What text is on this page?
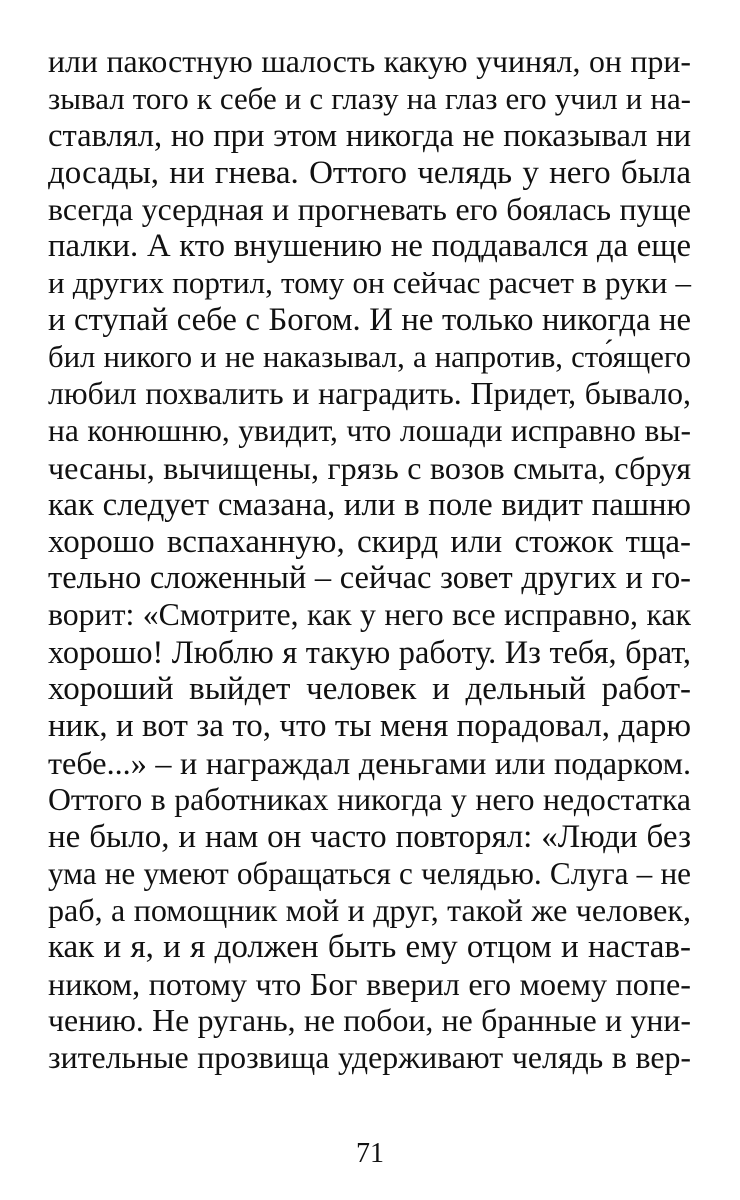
или пакостную шалость какую учинял, он при-
зывал того к себе и с глазу на глаз его учил и на-
ставлял, но при этом никогда не показывал ни
досады, ни гнева. Оттого челядь у него была
всегда усердная и прогневать его боялась пуще
палки. А кто внушению не поддавался да еще
и других портил, тому он сейчас расчет в руки –
и ступай себе с Богом. И не только никогда не
бил никого и не наказывал, а напротив, сто́ящего
любил похвалить и наградить. Придет, бывало,
на конюшню, увидит, что лошади исправно вы-
чесаны, вычищены, грязь с возов смыта, сбруя
как следует смазана, или в поле видит пашню
хорошо вспаханную, скирд или стожок тща-
тельно сложенный – сейчас зовет других и го-
ворит: «Смотрите, как у него все исправно, как
хорошо! Люблю я такую работу. Из тебя, брат,
хороший выйдет человек и дельный работ-
ник, и вот за то, что ты меня порадовал, дарю
тебе...» – и награждал деньгами или подарком.
Оттого в работниках никогда у него недостатка
не было, и нам он часто повторял: «Люди без
ума не умеют обращаться с челядью. Слуга – не
раб, а помощник мой и друг, такой же человек,
как и я, и я должен быть ему отцом и настав-
ником, потому что Бог вверил его моему попе-
чению. Не ругань, не побои, не бранные и уни-
зительные прозвища удерживают челядь в вер-
71
